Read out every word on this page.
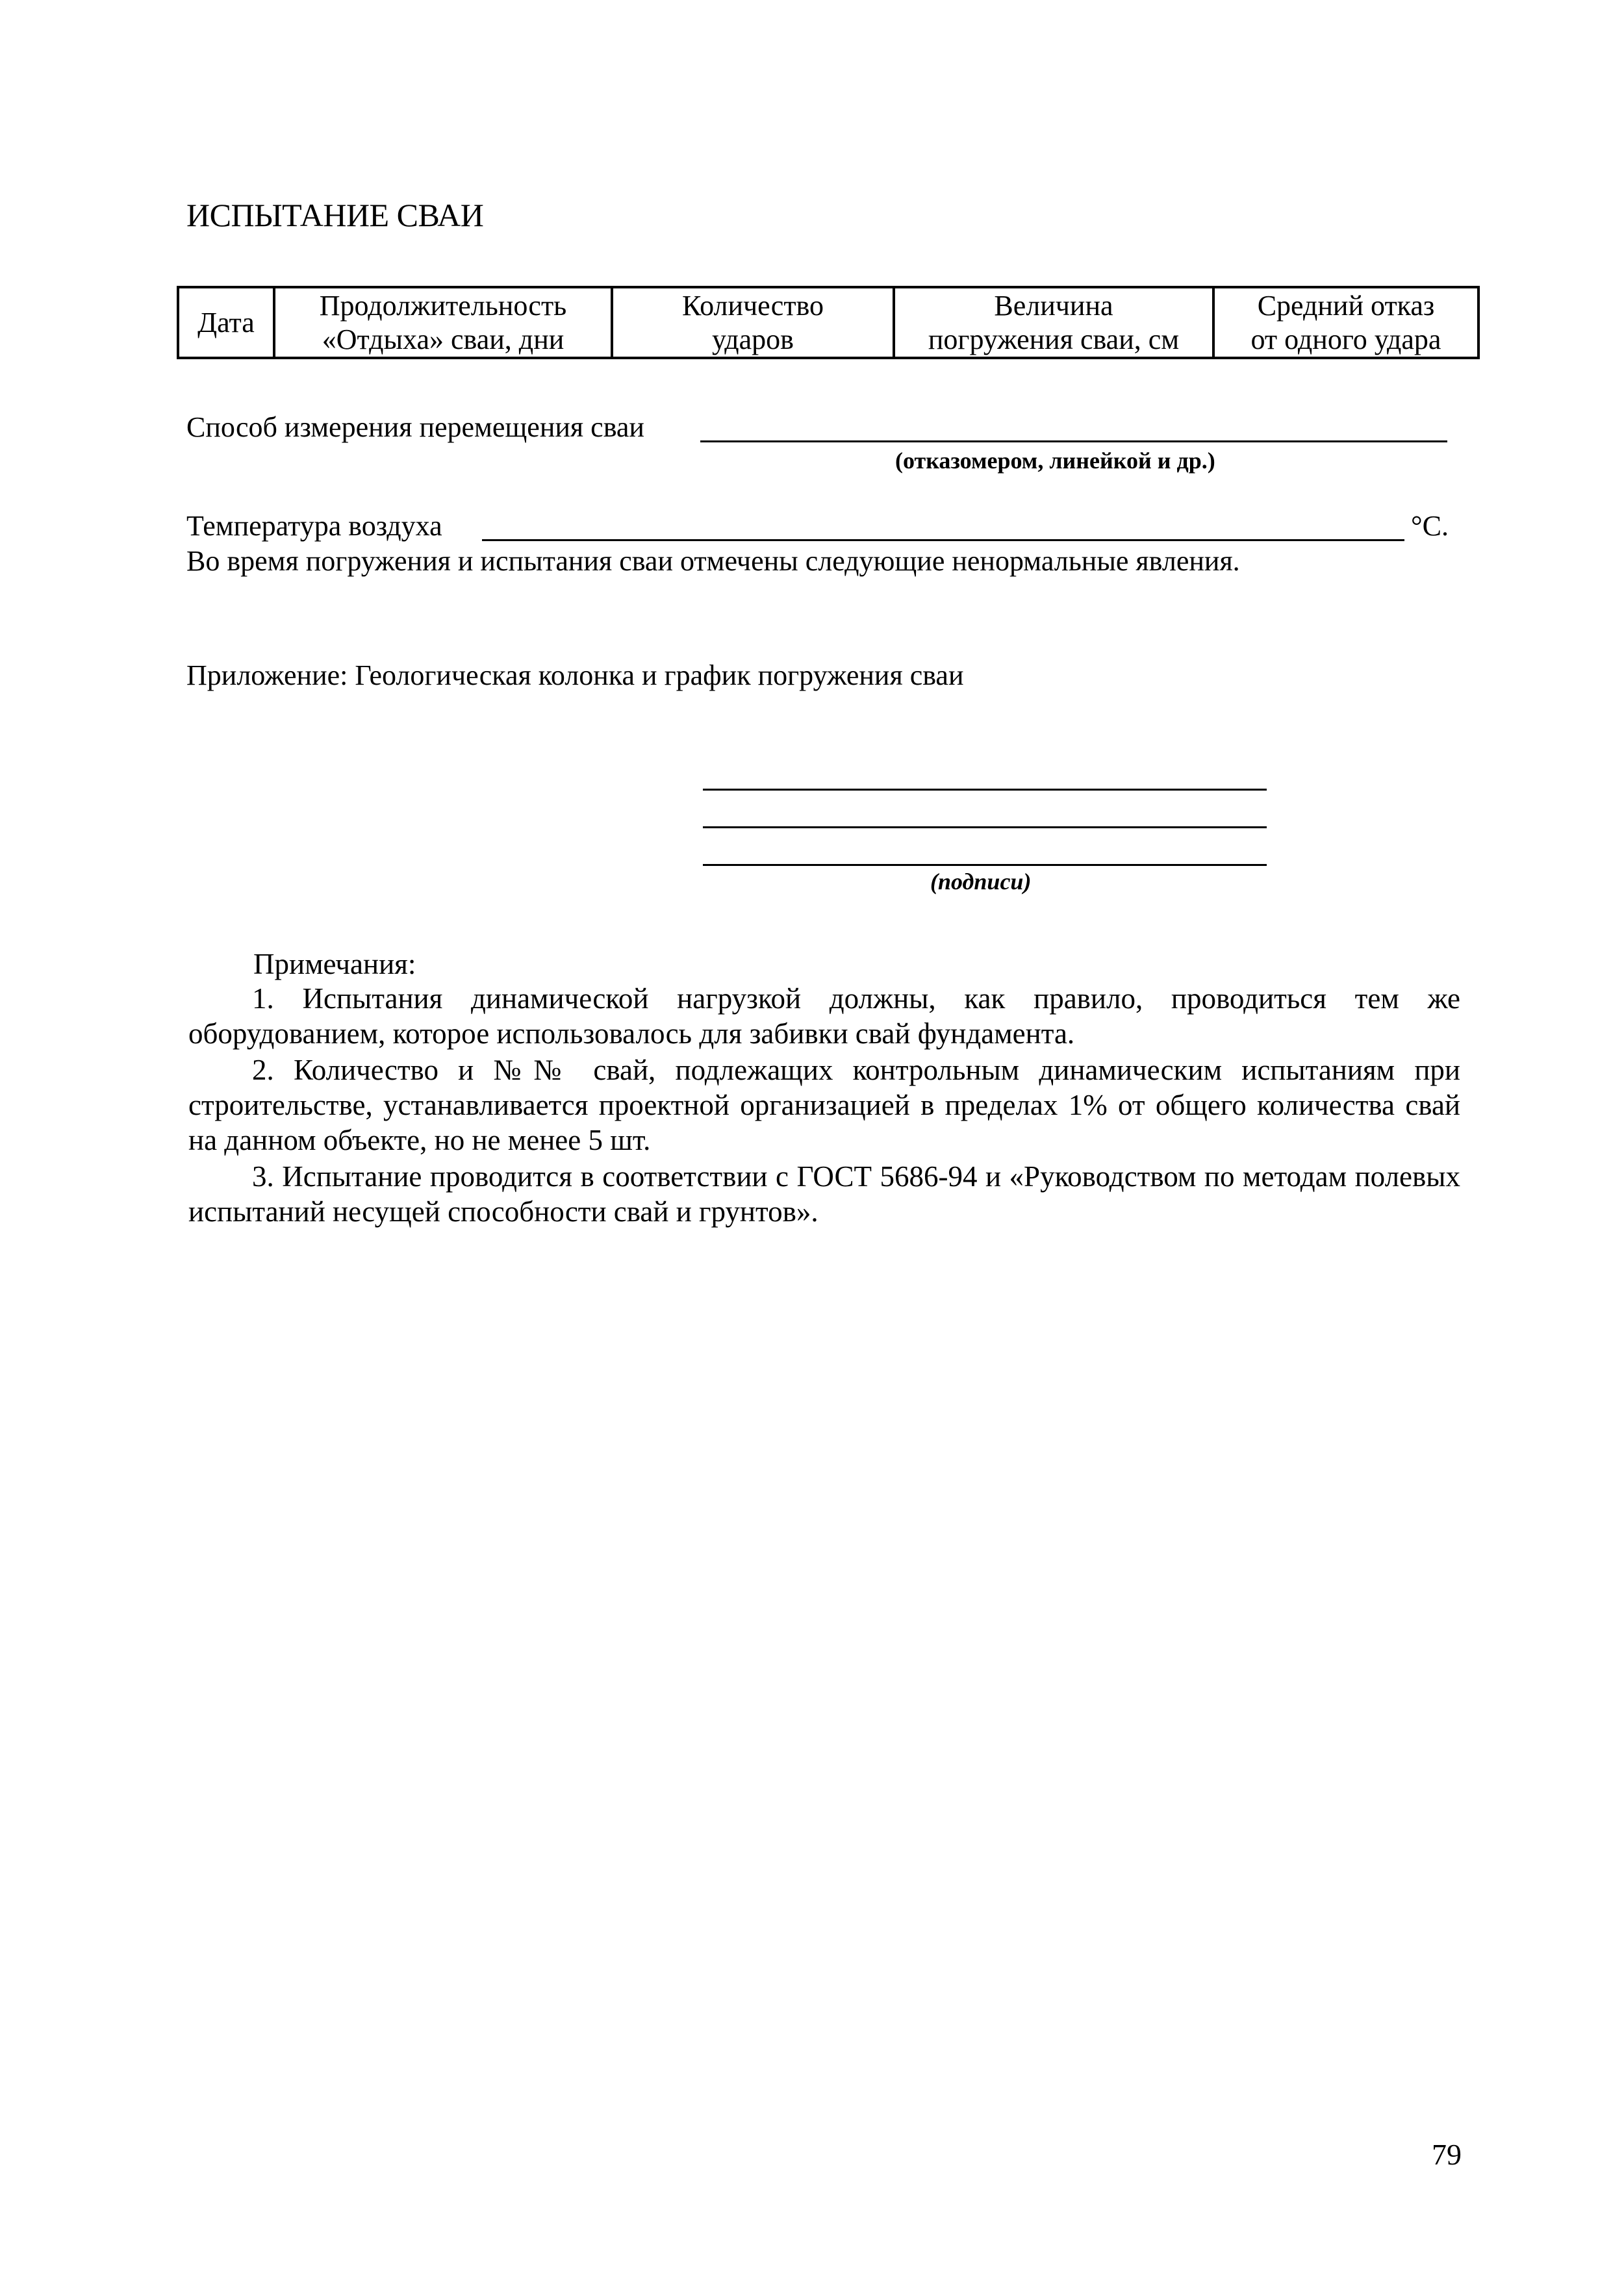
ИСПЫТАНИЕ СВАИ
Дата

Продолжительность
«Отдыха» сваи, дни

Количество
ударов

Величина
погружения сваи, см

Средний отказ
от одного удара
Способ измерения перемещения сваи
(отказомером, линейкой и др.)
Температура воздуха	°С.
Во время погружения и испытания сваи отмечены следующие ненормальные явления.
Приложение: Геологическая колонка и график погружения сваи
(подписи)
Примечания:
1. Испытания динамической нагрузкой должны, как правило, проводиться тем же оборудованием, которое использовалось для забивки свай фундамента.
2. Количество и №№ свай, подлежащих контрольным динамическим испытаниям при строительстве, устанавливается проектной организацией в пределах 1% от общего количества свай на данном объекте, но не менее 5 шт.
3. Испытание проводится в соответствии с ГОСТ 5686-94 и «Руководством по методам полевых испытаний несущей способности свай и грунтов».
79
